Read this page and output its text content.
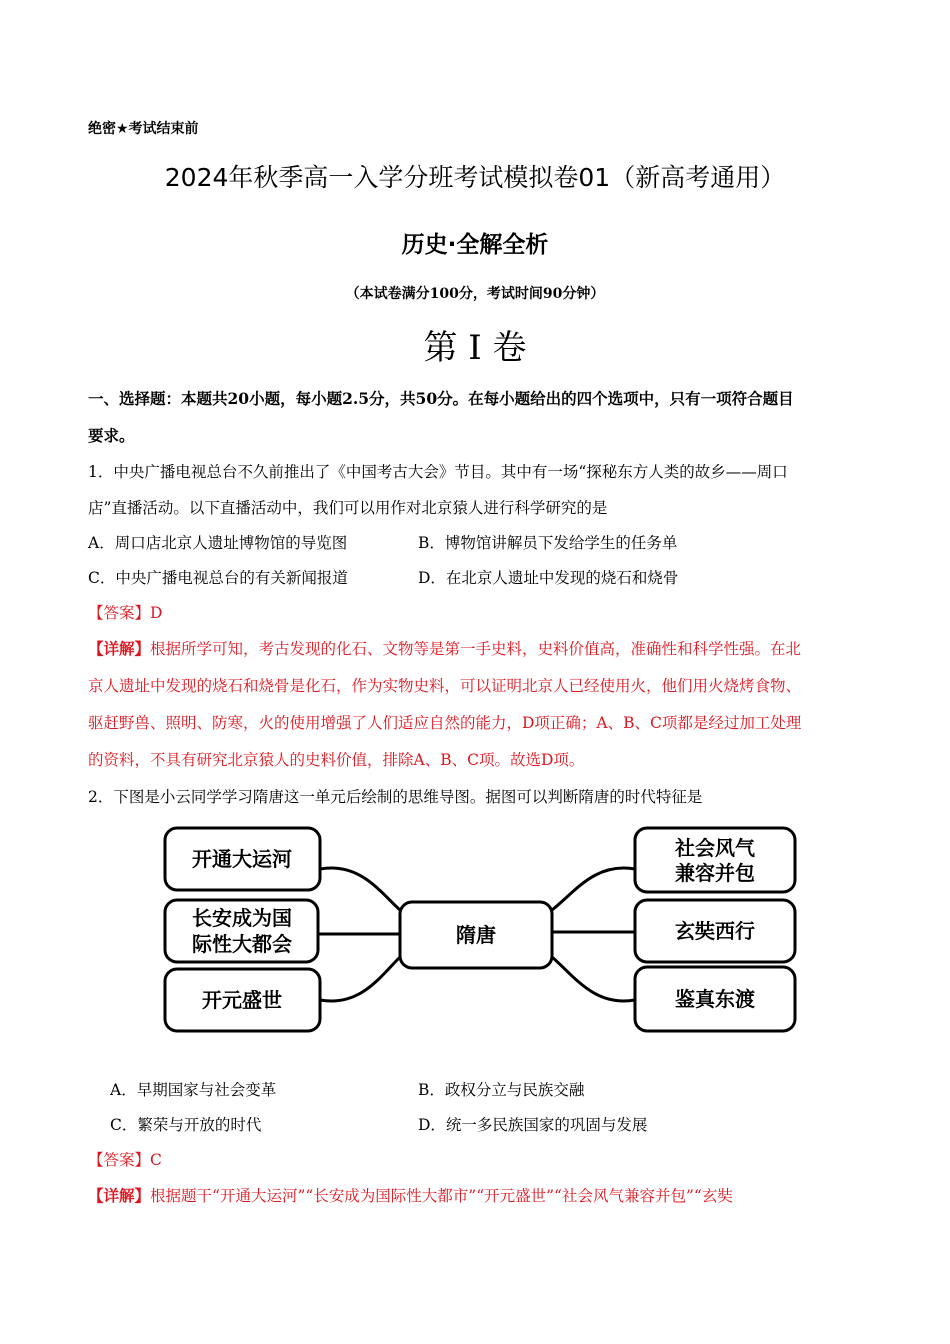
绝密★考试结束前
2024年秋季高一入学分班考试模拟卷01（新高考通用）
历史·全解全析
（本试卷满分100分，考试时间90分钟）
第 I 卷
一、选择题：本题共20小题，每小题2.5分，共50分。在每小题给出的四个选项中，只有一项符合题目
要求。
1．中央广播电视总台不久前推出了《中国考古大会》节目。其中有一场“探秘东方人类的故乡——周口
店”直播活动。以下直播活动中，我们可以用作对北京猿人进行科学研究的是
A．周口店北京人遗址博物馆的导览图	B．博物馆讲解员下发给学生的任务单
C．中央广播电视总台的有关新闻报道	D．在北京人遗址中发现的烧石和烧骨
【答案】D
【详解】根据所学可知，考古发现的化石、文物等是第一手史料，史料价值高，准确性和科学性强。在北
京人遗址中发现的烧石和烧骨是化石，作为实物史料，可以证明北京人已经使用火，他们用火烧烤食物、
驱赶野兽、照明、防寒，火的使用增强了人们适应自然的能力，D项正确；A、B、C项都是经过加工处理
的资料，不具有研究北京猿人的史料价值，排除A、B、C项。故选D项。
2．下图是小云同学学习隋唐这一单元后绘制的思维导图。据图可以判断隋唐的时代特征是
开通大运河
长安成为国
际性大都会
开元盛世
隋唐
社会风气
兼容并包
玄奘西行
鉴真东渡
A．早期国家与社会变革	B．政权分立与民族交融
C．繁荣与开放的时代	D．统一多民族国家的巩固与发展
【答案】C
【详解】根据题干“开通大运河”“长安成为国际性大都市”“开元盛世”“社会风气兼容并包”“玄奘
